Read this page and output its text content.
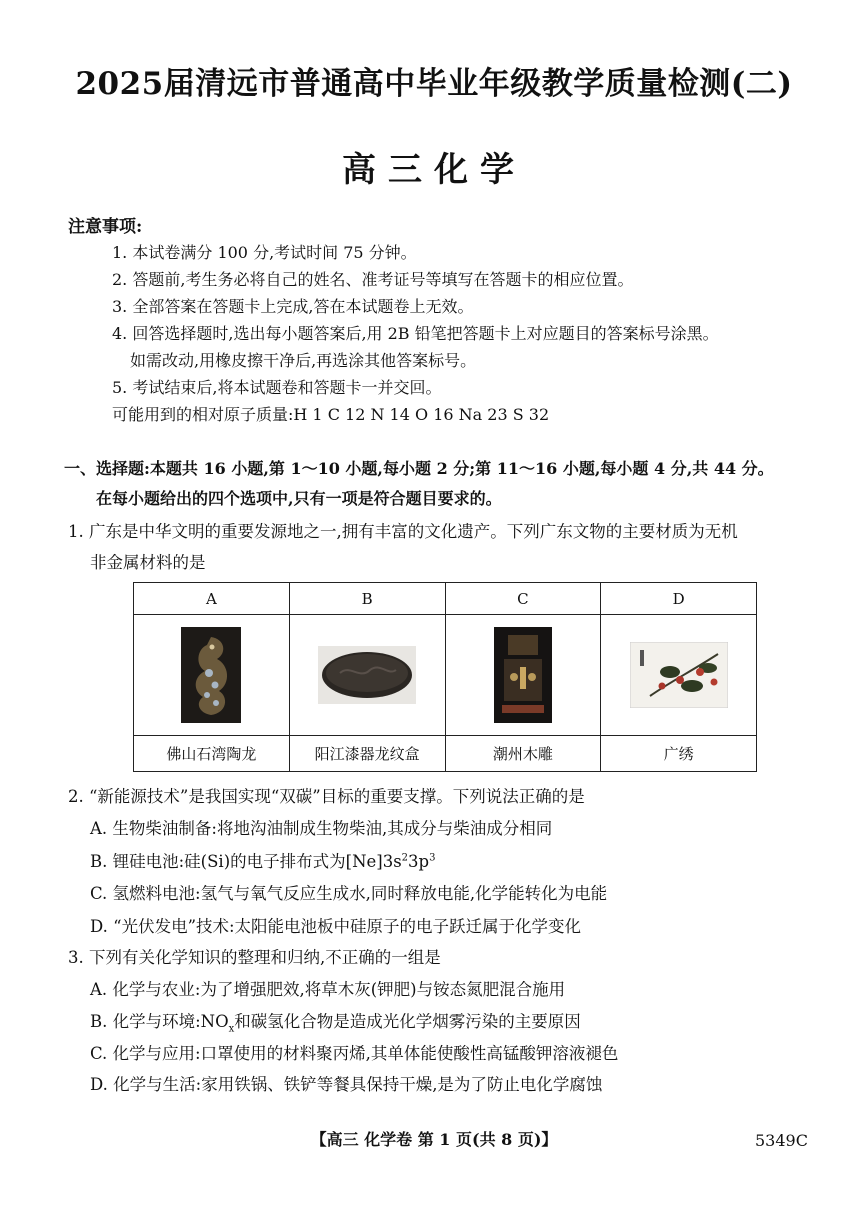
2025届清远市普通高中毕业年级教学质量检测(二)
高三化学
注意事项:
1. 本试卷满分 100 分,考试时间 75 分钟。
2. 答题前,考生务必将自己的姓名、准考证号等填写在答题卡的相应位置。
3. 全部答案在答题卡上完成,答在本试题卷上无效。
4. 回答选择题时,选出每小题答案后,用 2B 铅笔把答题卡上对应题目的答案标号涂黑。
如需改动,用橡皮擦干净后,再选涂其他答案标号。
5. 考试结束后,将本试题卷和答题卡一并交回。
可能用到的相对原子质量:H 1 C 12 N 14 O 16 Na 23 S 32
一、选择题:本题共 16 小题,第 1～10 小题,每小题 2 分;第 11～16 小题,每小题 4 分,共 44 分。
在每小题给出的四个选项中,只有一项是符合题目要求的。
1. 广东是中华文明的重要发源地之一,拥有丰富的文化遗产。下列广东文物的主要材质为无机
非金属材料的是
A	B	C	D

佛山石湾陶龙	阳江漆器龙纹盒	潮州木雕	广绣
2. “新能源技术”是我国实现“双碳”目标的重要支撑。下列说法正确的是
A. 生物柴油制备:将地沟油制成生物柴油,其成分与柴油成分相同
B. 锂硅电池:硅(Si)的电子排布式为$[Ne]3s^23p^3$
C. 氢燃料电池:氢气与氧气反应生成水,同时释放电能,化学能转化为电能
D. “光伏发电”技术:太阳能电池板中硅原子的电子跃迁属于化学变化
3. 下列有关化学知识的整理和归纳,不正确的一组是
A. 化学与农业:为了增强肥效,将草木灰(钾肥)与铵态氮肥混合施用
B. 化学与环境$:NO_x$和碳氢化合物是造成光化学烟雾污染的主要原因
C. 化学与应用:口罩使用的材料聚丙烯,其单体能使酸性高锰酸钾溶液褪色
D. 化学与生活:家用铁锅、铁铲等餐具保持干燥,是为了防止电化学腐蚀
【高三 化学卷 第 1 页(共 8 页)】	5349C
